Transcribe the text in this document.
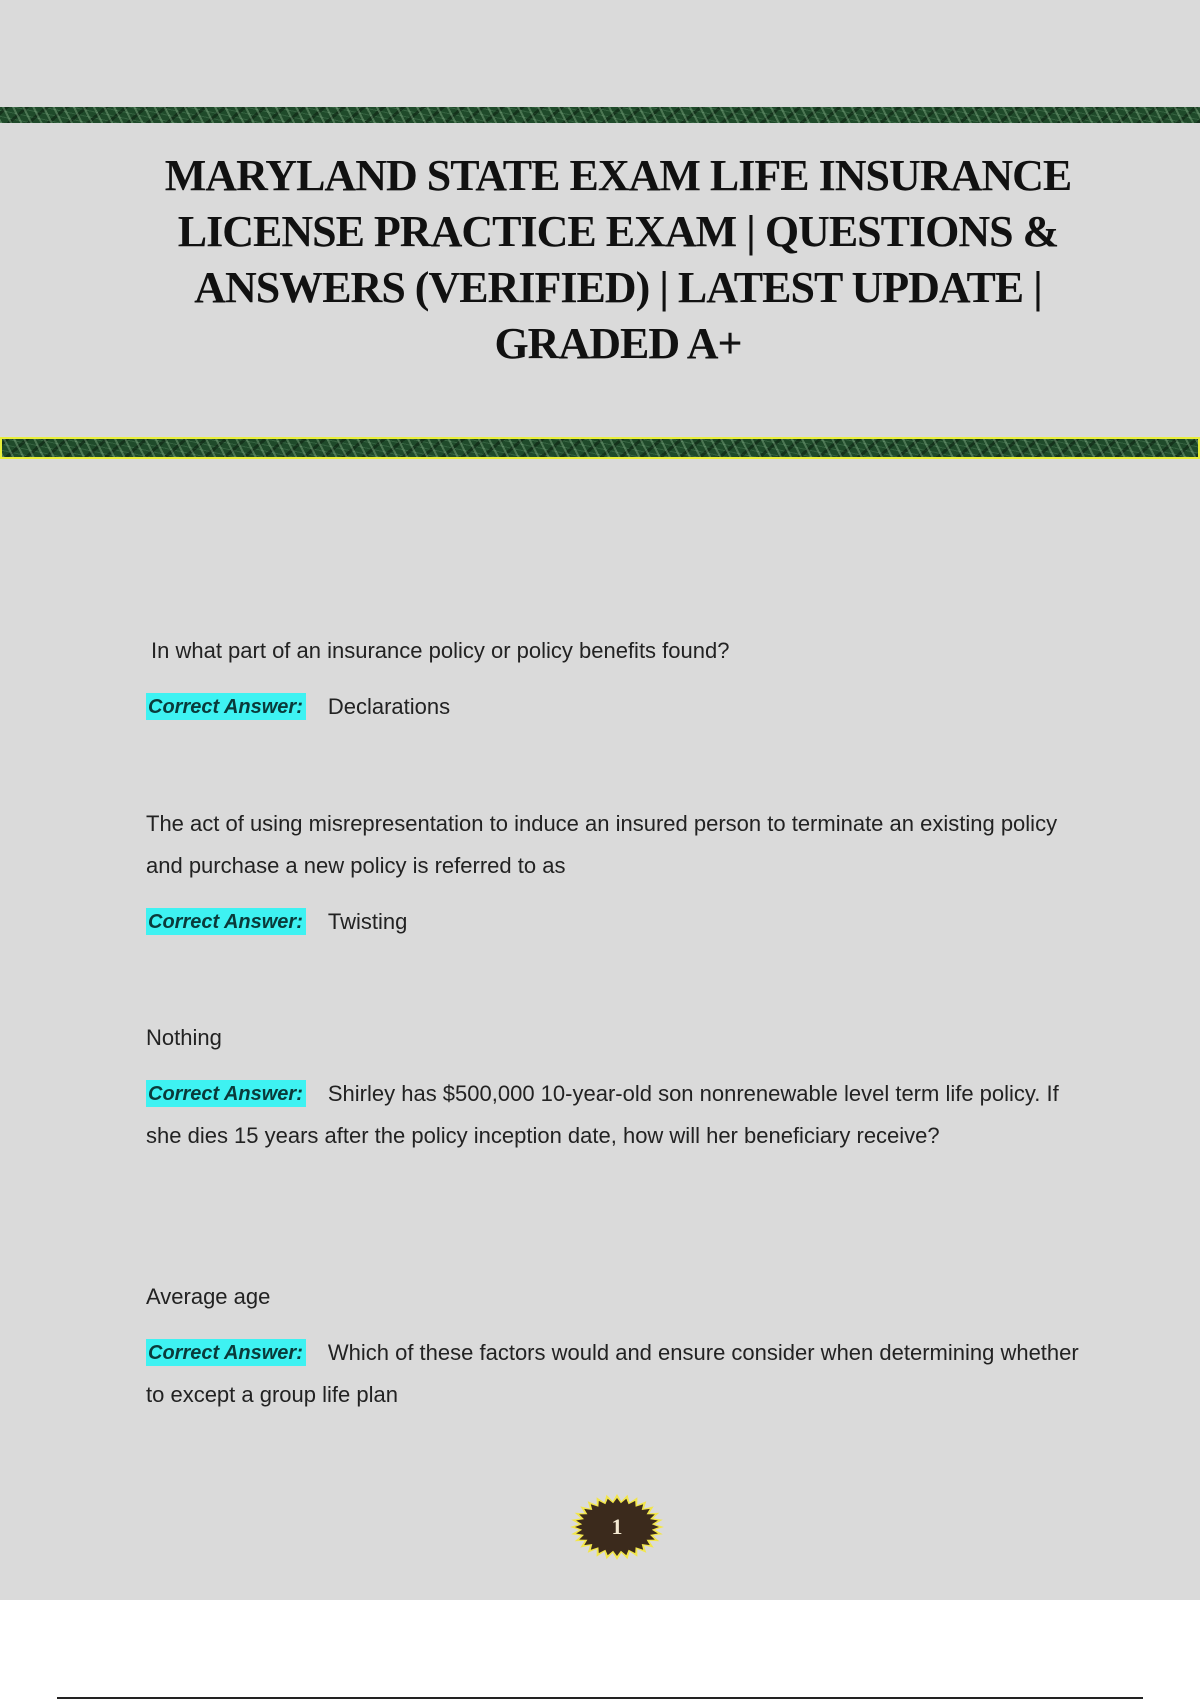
MARYLAND STATE EXAM LIFE INSURANCE LICENSE PRACTICE EXAM | QUESTIONS & ANSWERS (VERIFIED) | LATEST UPDATE | GRADED A+

In what part of an insurance policy or policy benefits found?

Correct Answer: Declarations

The act of using misrepresentation to induce an insured person to terminate an existing policy and purchase a new policy is referred to as

Correct Answer: Twisting

Nothing

Correct Answer: Shirley has $500,000 10-year-old son nonrenewable level term life policy. If she dies 15 years after the policy inception date, how will her beneficiary receive?

Average age

Correct Answer: Which of these factors would and ensure consider when determining whether to except a group life plan

1
